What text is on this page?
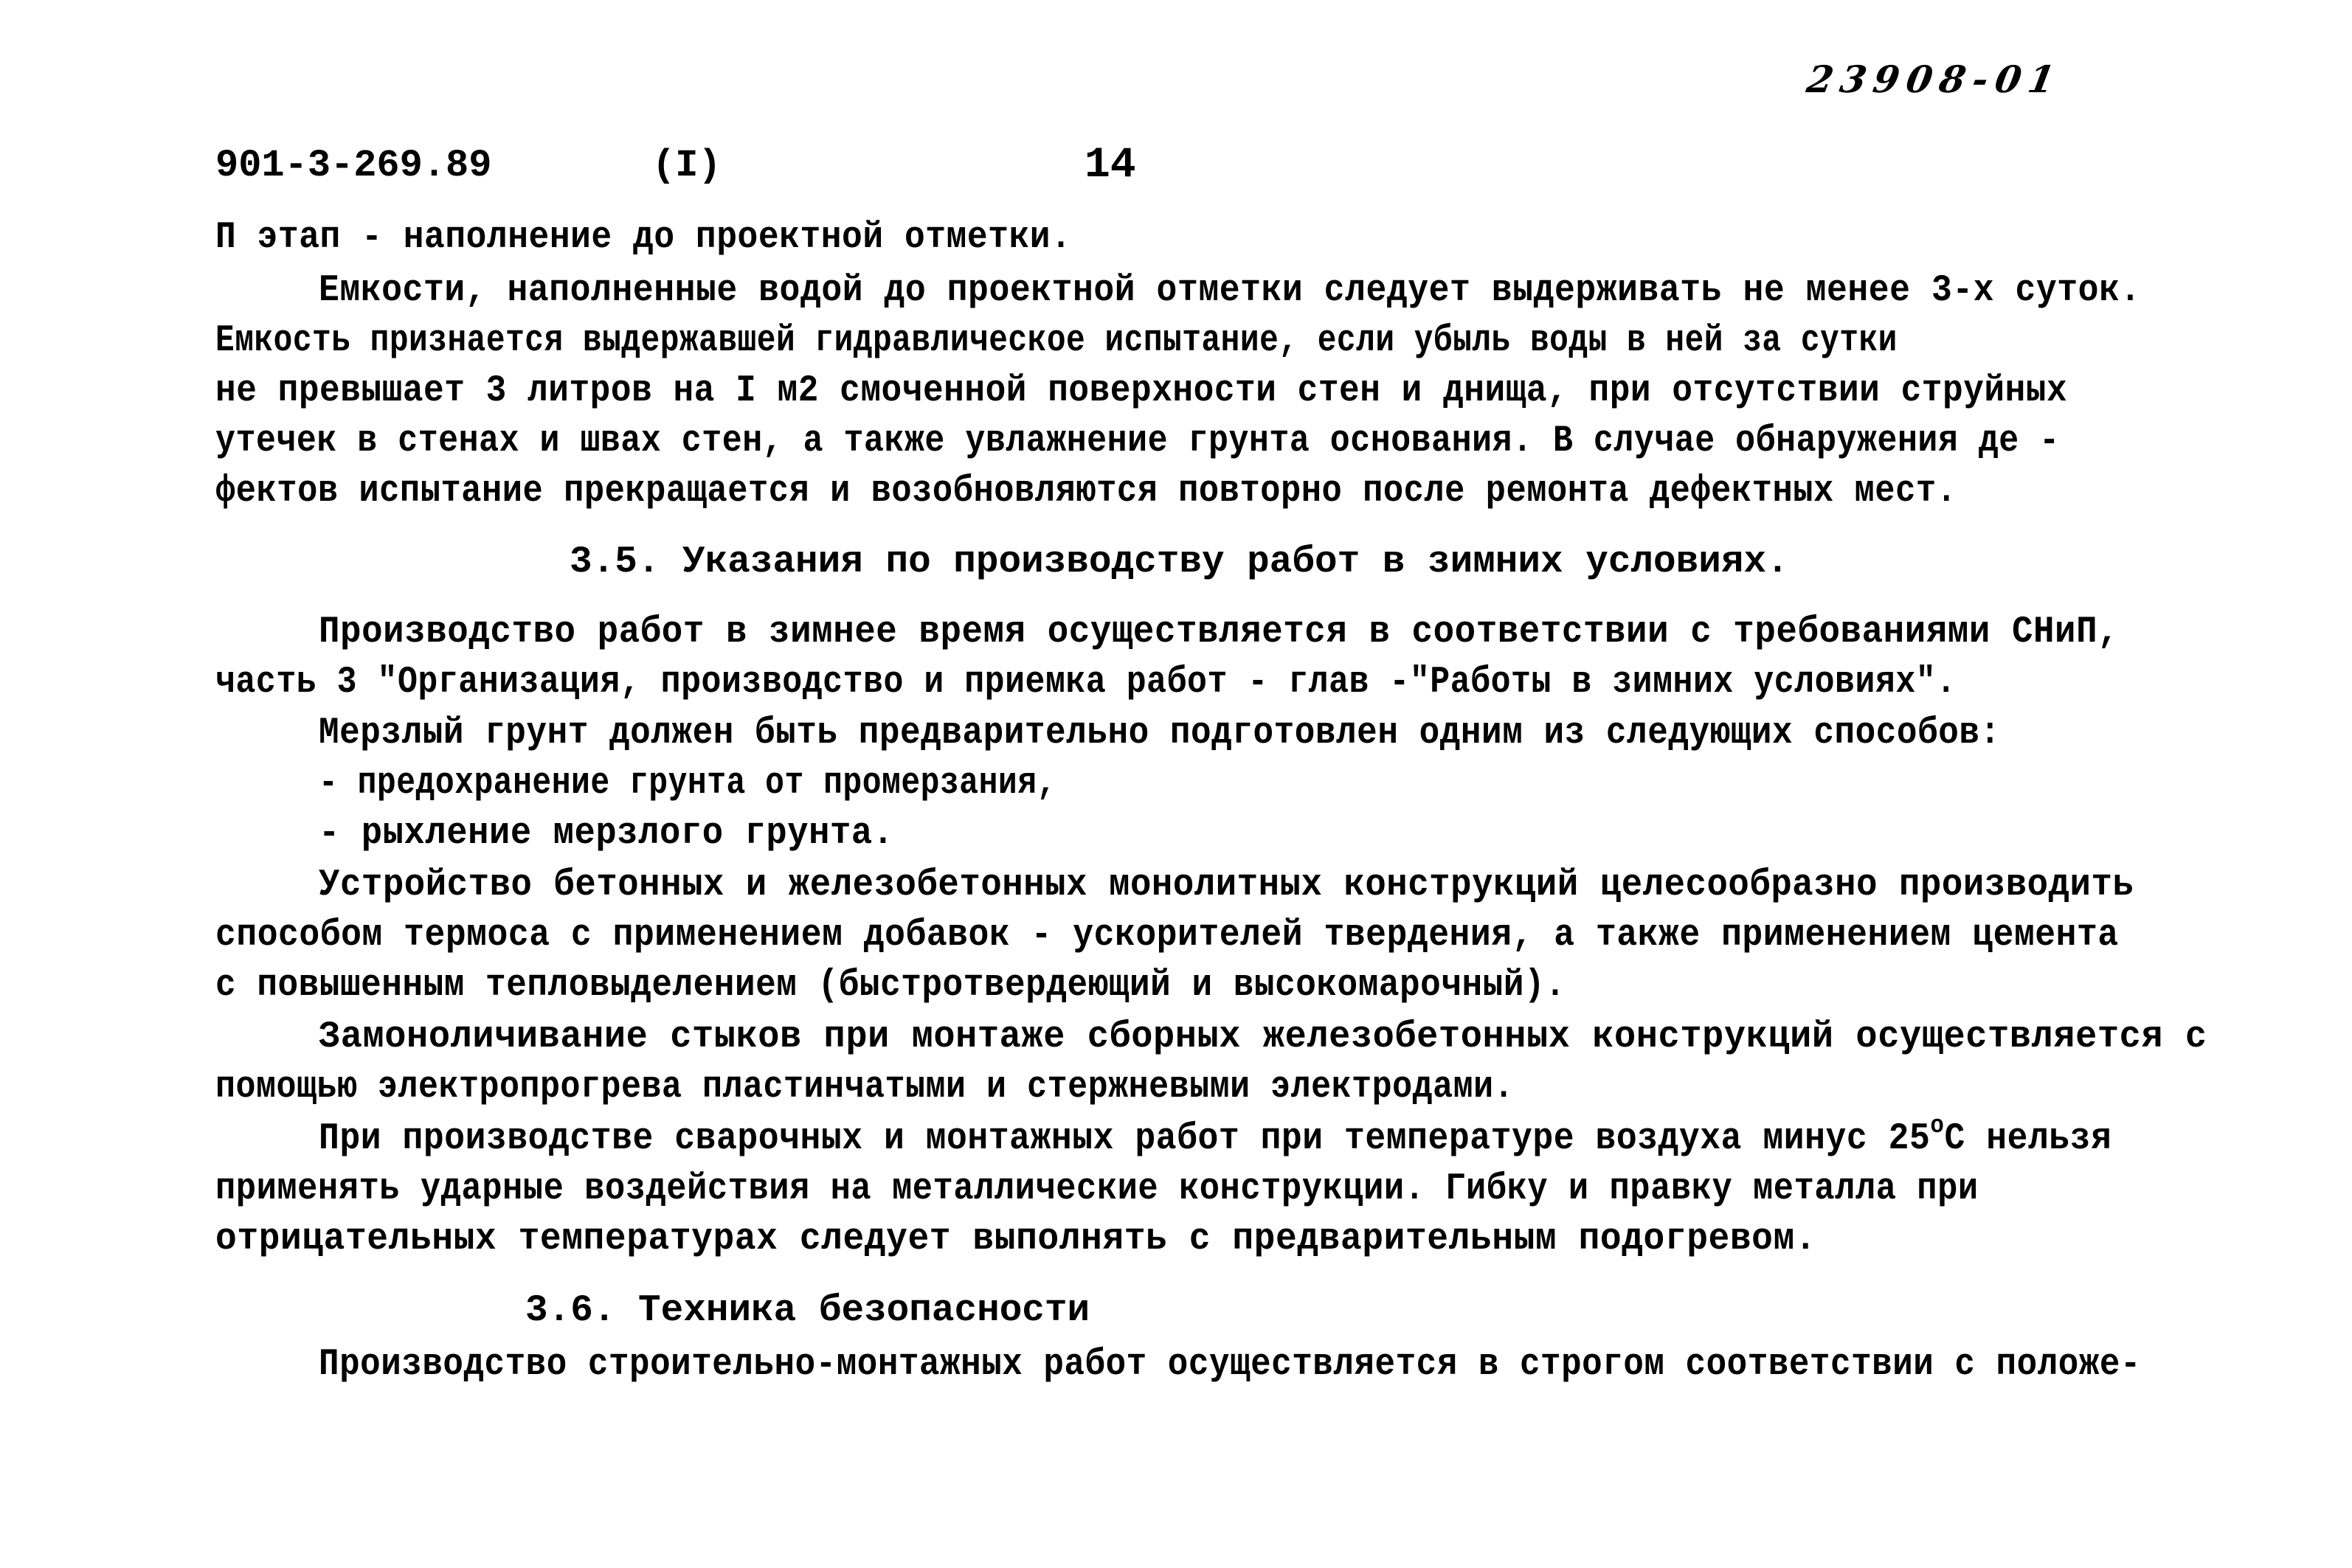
23908-01
901-3-269.89	(I)	14
П этап - наполнение до проектной отметки.
Емкости, наполненные водой до проектной отметки следует выдерживать не менее 3-х суток.
Емкость признается выдержавшей гидравлическое испытание, если убыль воды в ней за сутки
не превышает 3 литров на I м2 смоченной поверхности стен и днища, при отсутствии струйных
утечек в стенах и швах стен, а также увлажнение грунта основания. В случае обнаружения де -
фектов испытание прекращается и возобновляются повторно после ремонта дефектных мест.
3.5. Указания по производству работ в зимних условиях.
Производство работ в зимнее время осуществляется в соответствии с требованиями СНиП,
часть 3 "Организация, производство и приемка работ - глав -"Работы в зимних условиях".
Мерзлый грунт должен быть предварительно подготовлен одним из следующих способов:
- предохранение грунта от промерзания,
- рыхление мерзлого грунта.
Устройство бетонных и железобетонных монолитных конструкций целесообразно производить
способом термоса с применением добавок - ускорителей твердения, а также применением цемента
с повышенным тепловыделением (быстротвердеющий и высокомарочный).
Замоноличивание стыков при монтаже сборных железобетонных конструкций осуществляется с
помощью электропрогрева пластинчатыми и стержневыми электродами.
При производстве сварочных и монтажных работ при температуре воздуха минус 25$^o$С нельзя
применять ударные воздействия на металлические конструкции. Гибку и правку металла при
отрицательных температурах следует выполнять с предварительным подогревом.
3.6. Техника безопасности
Производство строительно-монтажных работ осуществляется в строгом соответствии с положе-
